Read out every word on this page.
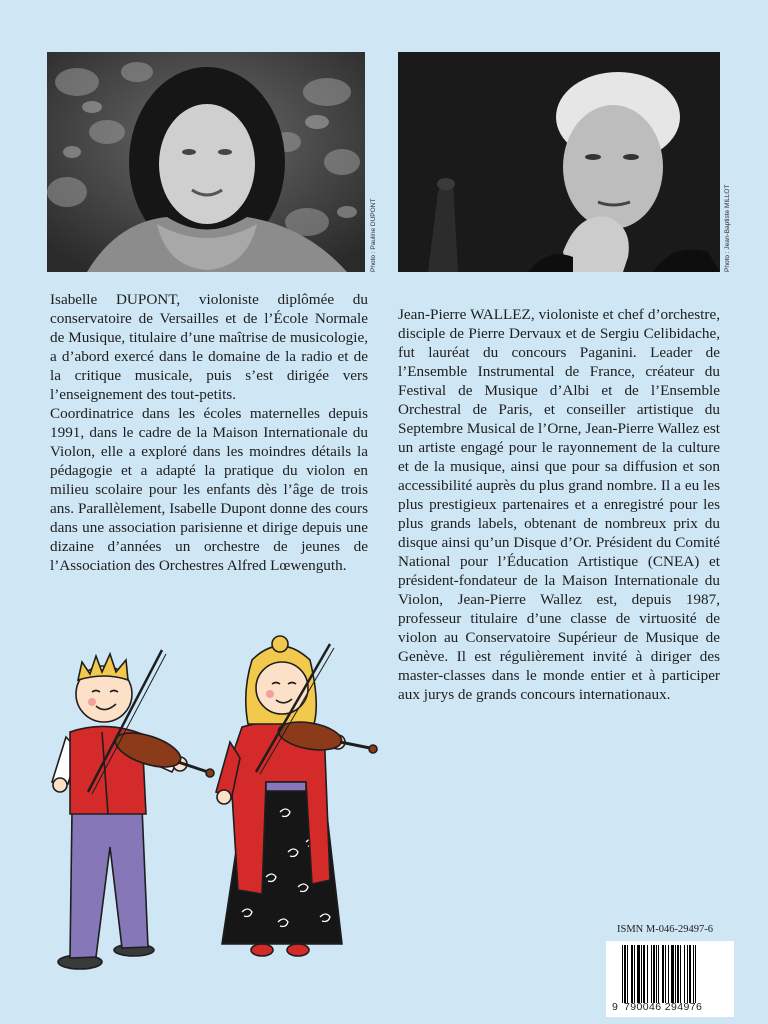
Photo : Pauline DUPONT	Photo : Jean-Baptiste MILLOT

Isabelle DUPONT, violoniste diplômée du conservatoire de Versailles et de l’École Normale de Musique, titulaire d’une maîtrise de musicologie, a d’abord exercé dans le domaine de la radio et de la critique musicale, puis s’est dirigée vers l’enseignement des tout-petits.

Coordinatrice dans les écoles maternelles depuis 1991, dans le cadre de la Maison Internationale du Violon, elle a exploré dans les moindres détails la pédagogie et a adapté la pratique du violon en milieu scolaire pour les enfants dès l’âge de trois ans. Parallèlement, Isabelle Dupont donne des cours dans une association parisienne et dirige depuis une dizaine d’années un orchestre de jeunes de l’Association des Orchestres Alfred Lœwenguth.

Jean-Pierre WALLEZ, violoniste et chef d’orchestre, disciple de Pierre Dervaux et de Sergiu Celibidache, fut lauréat du concours Paganini. Leader de l’Ensemble Instrumental de France, créateur du Festival de Musique d’Albi et de l’Ensemble Orchestral de Paris, et conseiller artistique du Septembre Musical de l’Orne, Jean-Pierre Wallez est un artiste engagé pour le rayonnement de la culture et de la musique, ainsi que pour sa diffusion et son accessibilité auprès du plus grand nombre. Il a eu les plus prestigieux partenaires et a enregistré pour les plus grands labels, obtenant de nombreux prix du disque ainsi qu’un Disque d’Or. Président du Comité National pour l’Éducation Artistique (CNEA) et président-fondateur de la Maison Internationale du Violon, Jean-Pierre Wallez est, depuis 1987, professeur titulaire d’une classe de virtuosité de violon au Conservatoire Supérieur de Musique de Genève. Il est régulièrement invité à diriger des master-classes dans le monde entier et à participer aux jurys de grands concours internationaux.

ISMN M-046-29497-6
9 790046 294976
